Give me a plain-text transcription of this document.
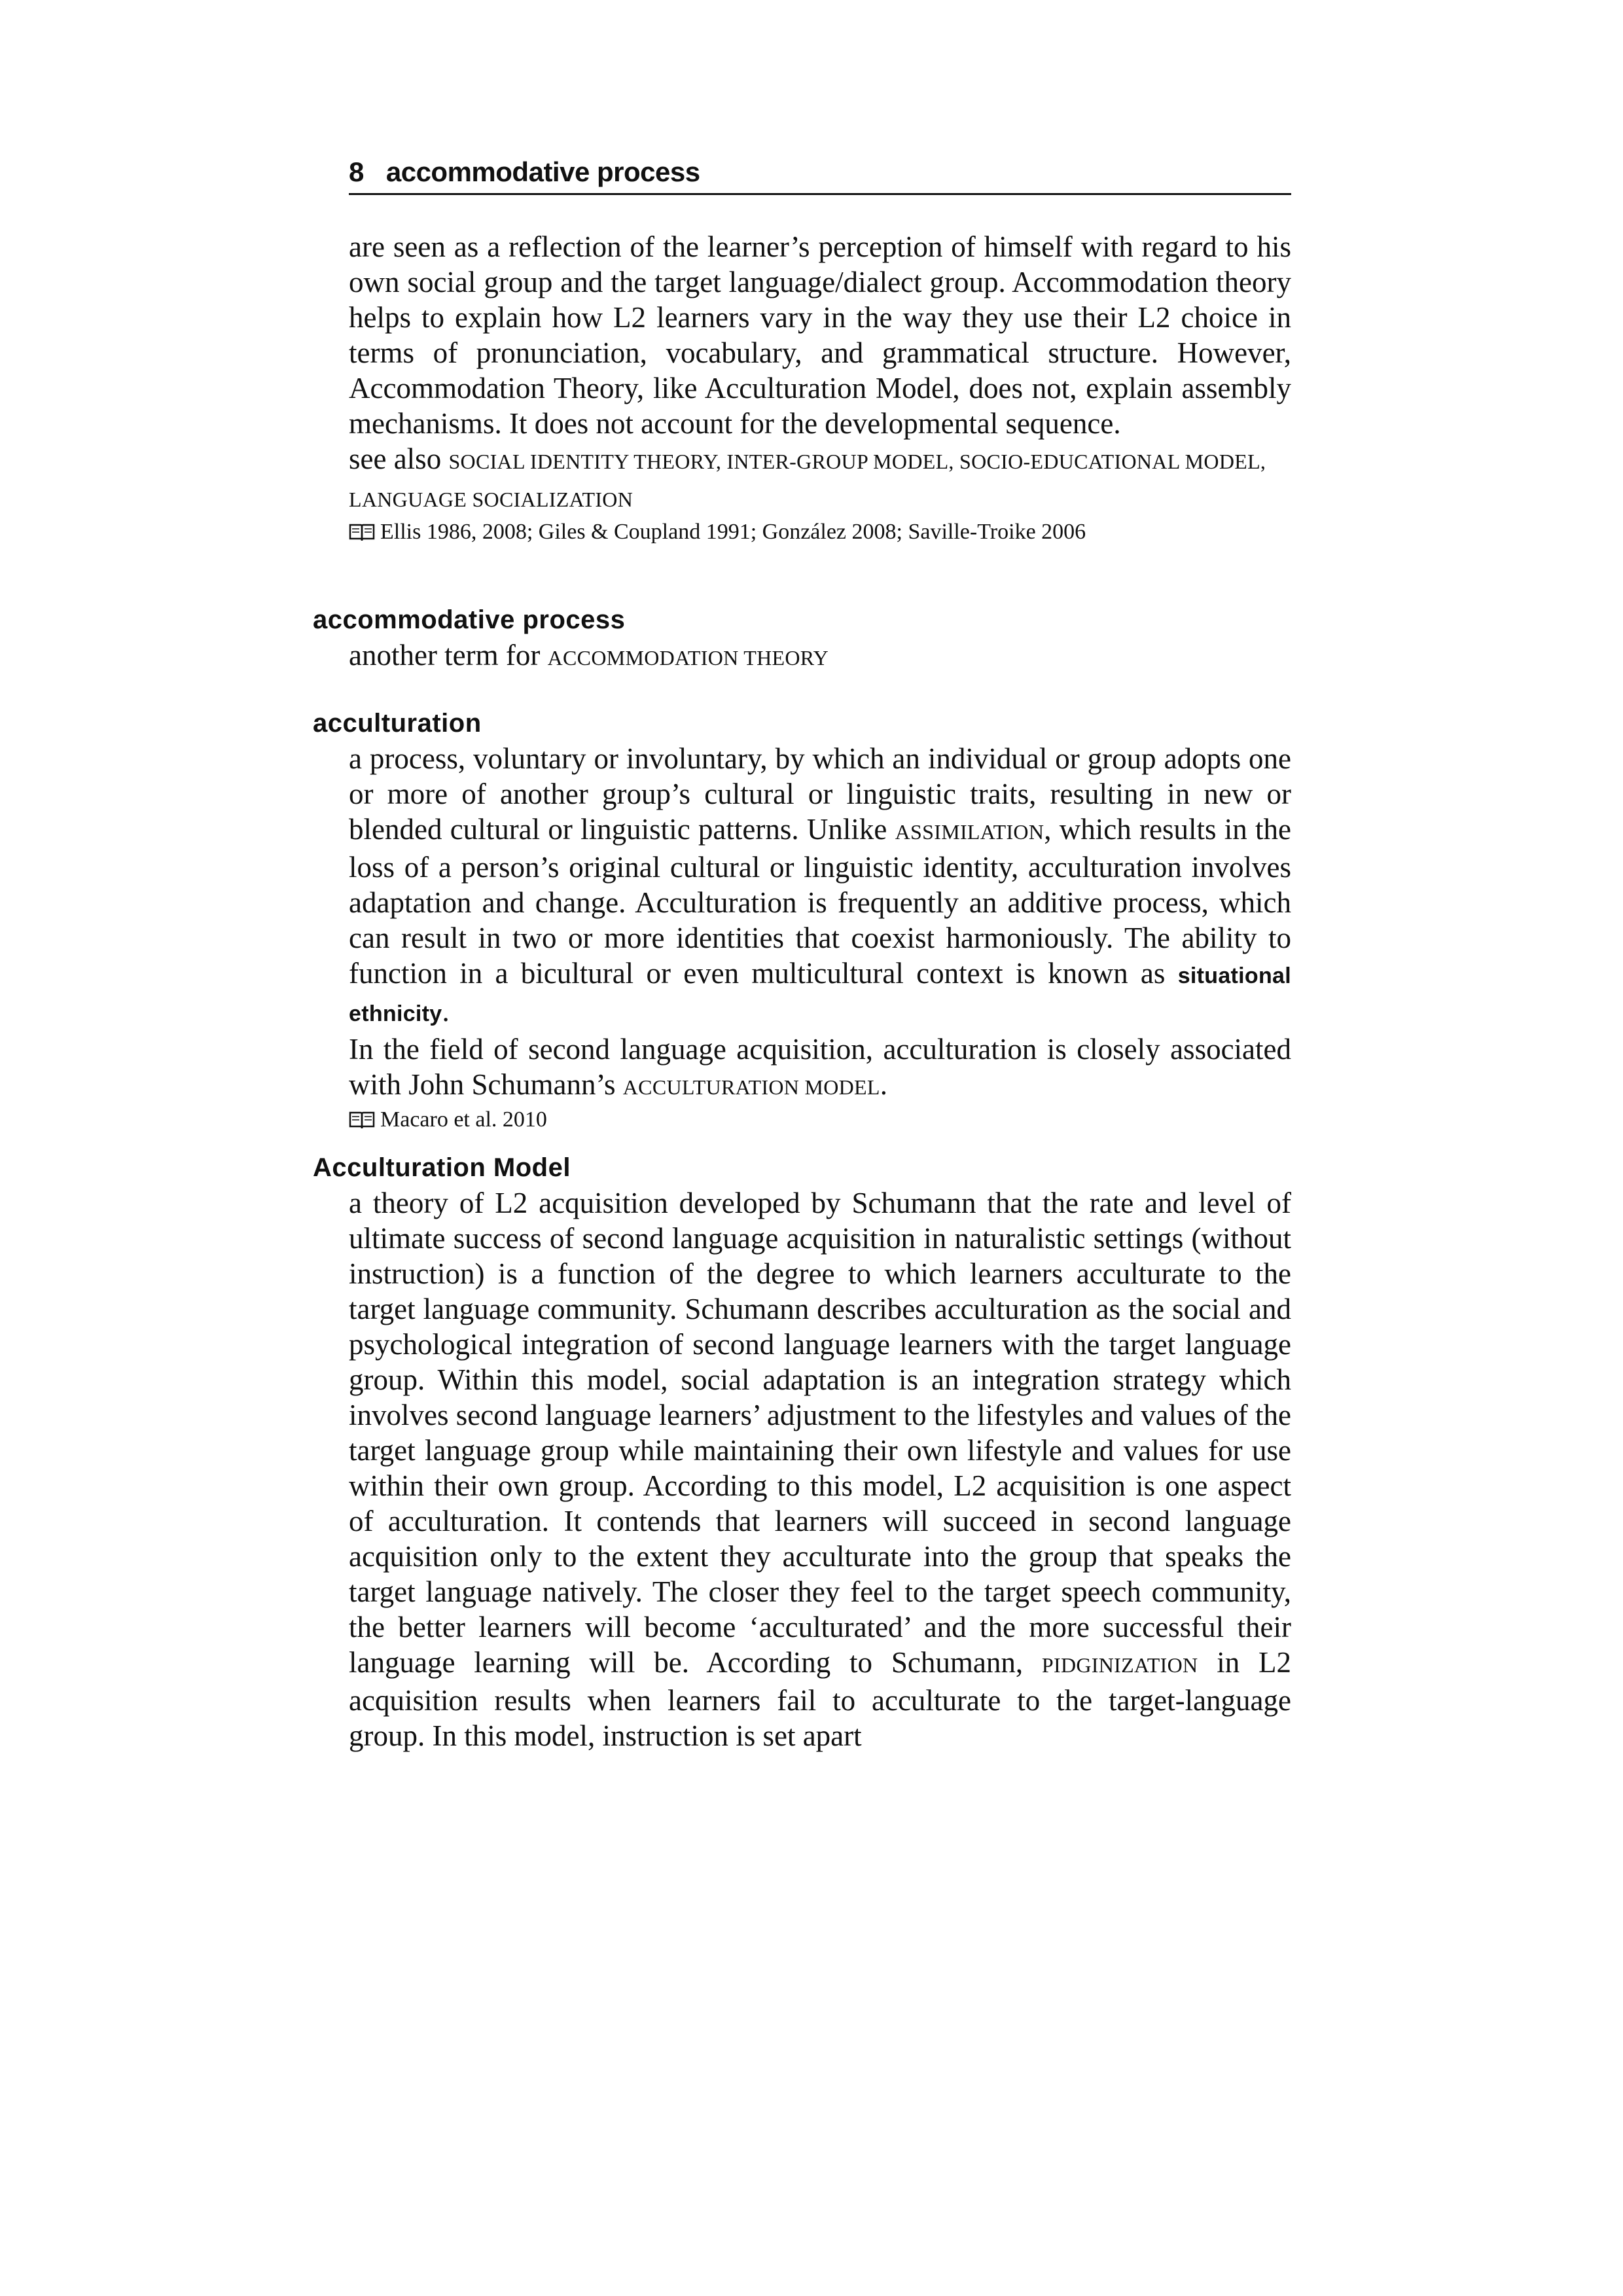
8 accommodative process

are seen as a reflection of the learner’s perception of himself with regard to his own social group and the target language/dialect group. Accommodation theory helps to explain how L2 learners vary in the way they use their L2 choice in terms of pronunciation, vocabulary, and grammatical structure. However, Accommodation Theory, like Acculturation Model, does not, explain assembly mechanisms. It does not account for the developmental sequence.

see also SOCIAL IDENTITY THEORY, INTER-GROUP MODEL, SOCIO-EDUCATIONAL MODEL, LANGUAGE SOCIALIZATION
Ellis 1986, 2008; Giles & Coupland 1991; González 2008; Saville-Troike 2006
accommodative process
another term for ACCOMMODATION THEORY
acculturation

a process, voluntary or involuntary, by which an individual or group adopts one or more of another group’s cultural or linguistic traits, resulting in new or blended cultural or linguistic patterns. Unlike ASSIMILATION, which results in the loss of a person’s original cultural or linguistic identity, acculturation involves adaptation and change. Acculturation is frequently an additive process, which can result in two or more identities that coexist harmoniously. The ability to function in a bicultural or even multicultural context is known as situational ethnicity.

In the field of second language acquisition, acculturation is closely associated with John Schumann’s ACCULTURATION MODEL.

Macaro et al. 2010
Acculturation Model

a theory of L2 acquisition developed by Schumann that the rate and level of ultimate success of second language acquisition in naturalistic settings (without instruction) is a function of the degree to which learners acculturate to the target language community. Schumann describes acculturation as the social and psychological integration of second language learners with the target language group. Within this model, social adaptation is an integration strategy which involves second language learners’ adjustment to the lifestyles and values of the target language group while maintaining their own lifestyle and values for use within their own group. According to this model, L2 acquisition is one aspect of acculturation. It contends that learners will succeed in second language acquisition only to the extent they acculturate into the group that speaks the target language natively. The closer they feel to the target speech community, the better learners will become ‘acculturated’ and the more successful their language learning will be. According to Schumann, PIDGINIZATION in L2 acquisition results when learners fail to acculturate to the target-language group. In this model, instruction is set apart
